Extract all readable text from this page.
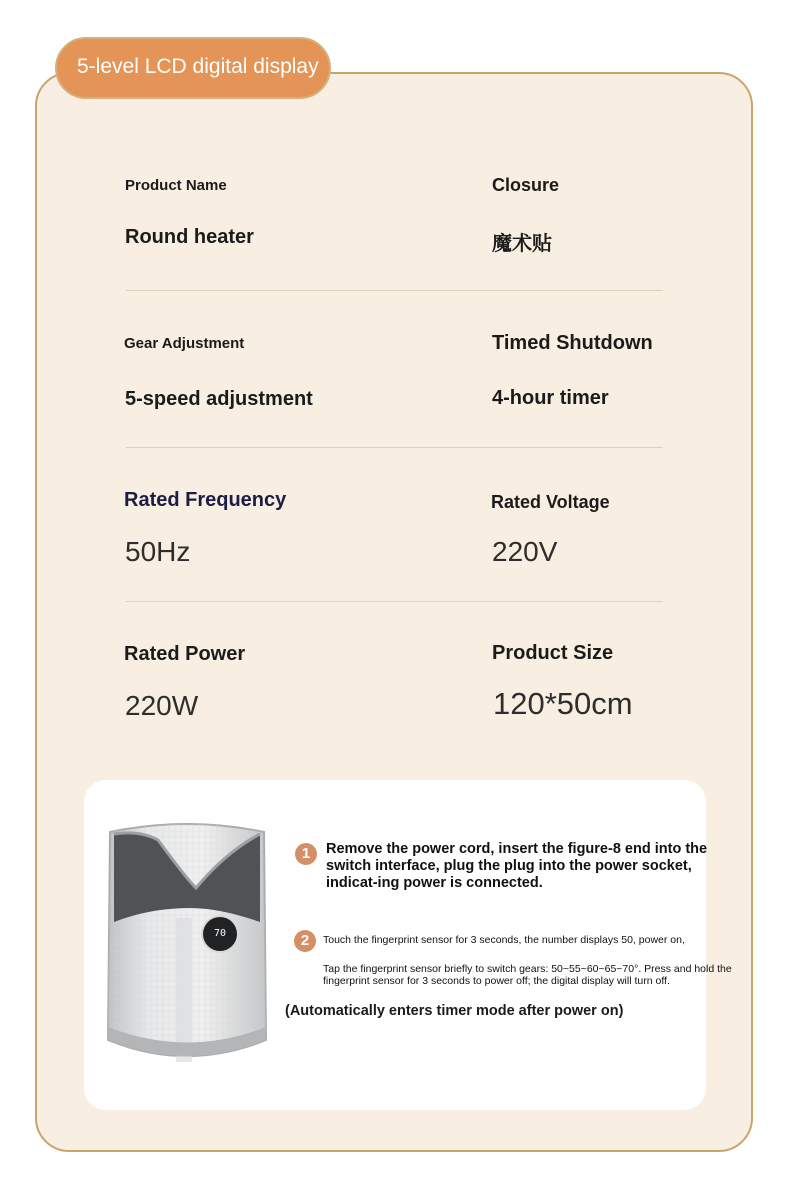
5-level LCD digital display
Product Name
Round heater
Closure
魔术贴
Gear Adjustment
5-speed adjustment
Timed Shutdown
4-hour timer
Rated Frequency
50Hz
Rated Voltage
220V
Rated Power
220W
Product Size
120*50cm
70
1	Remove the power cord, insert the figure-8 end into the switch interface, plug the plug into the power socket, indicat-ing power is connected.
2	Touch the fingerprint sensor for 3 seconds, the number displays 50, power on,
Tap the fingerprint sensor briefly to switch gears: 50~55~60~65~70°. Press and hold the fingerprint sensor for 3 seconds to power off; the digital display will turn off.
(Automatically enters timer mode after power on)
